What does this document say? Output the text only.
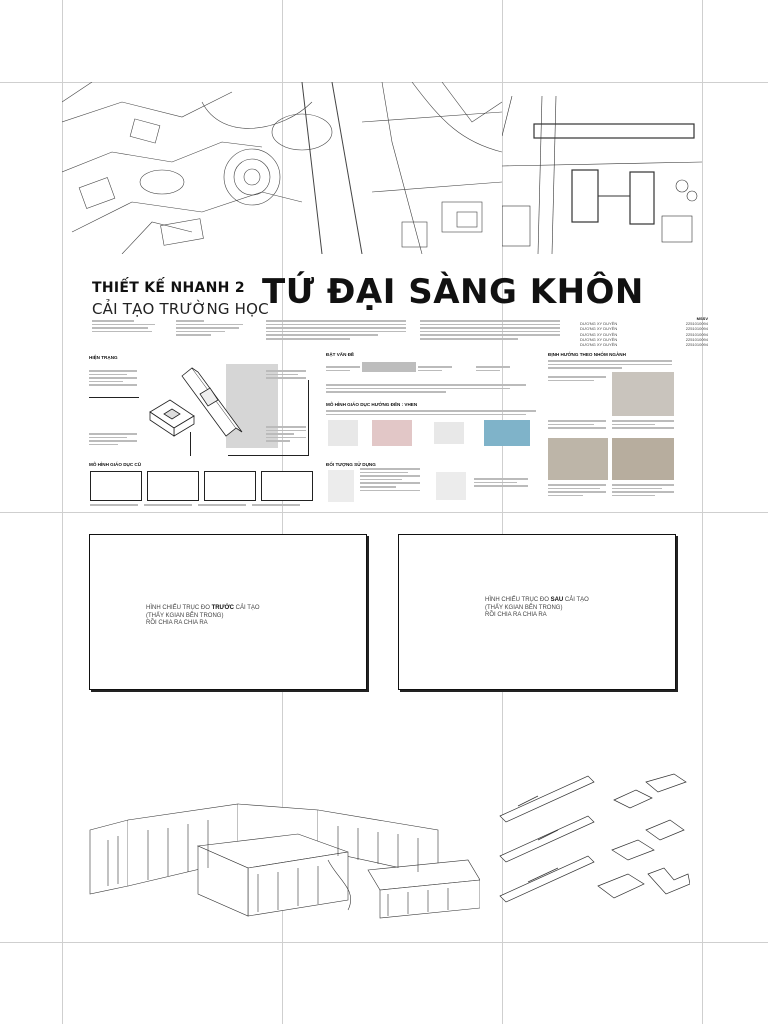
THIẾT KẾ NHANH 2
CẢI TẠO TRƯỜNG HỌC
TỨ ĐẠI SÀNG KHÔN
MSSV
DƯƠNG XY DUYÊN	2251010094
DƯƠNG XY DUYÊN	2251010094
DƯƠNG XY DUYÊN	2251010094
DƯƠNG XY DUYÊN	2251010094
DƯƠNG XY DUYÊN	2251010094
HIỆN TRẠNG
MÔ HÌNH GIÁO DỤC CŨ
ĐẶT VẤN ĐỀ
MÔ HÌNH GIÁO DỤC HƯỚNG ĐẾN : VHEN
ĐỐI TƯỢNG SỬ DỤNG
ĐỊNH HƯỚNG THEO NHÓM NGÀNH
HÌNH CHIẾU TRỤC ĐO TRƯỚC CẢI TẠO
(THẤY KGIAN BÊN TRONG)
RỒI CHIA RA CHIA RA
HÌNH CHIẾU TRỤC ĐO SAU CẢI TẠO
(THẤY KGIAN BÊN TRONG)
RỒI CHIA RA CHIA RA
